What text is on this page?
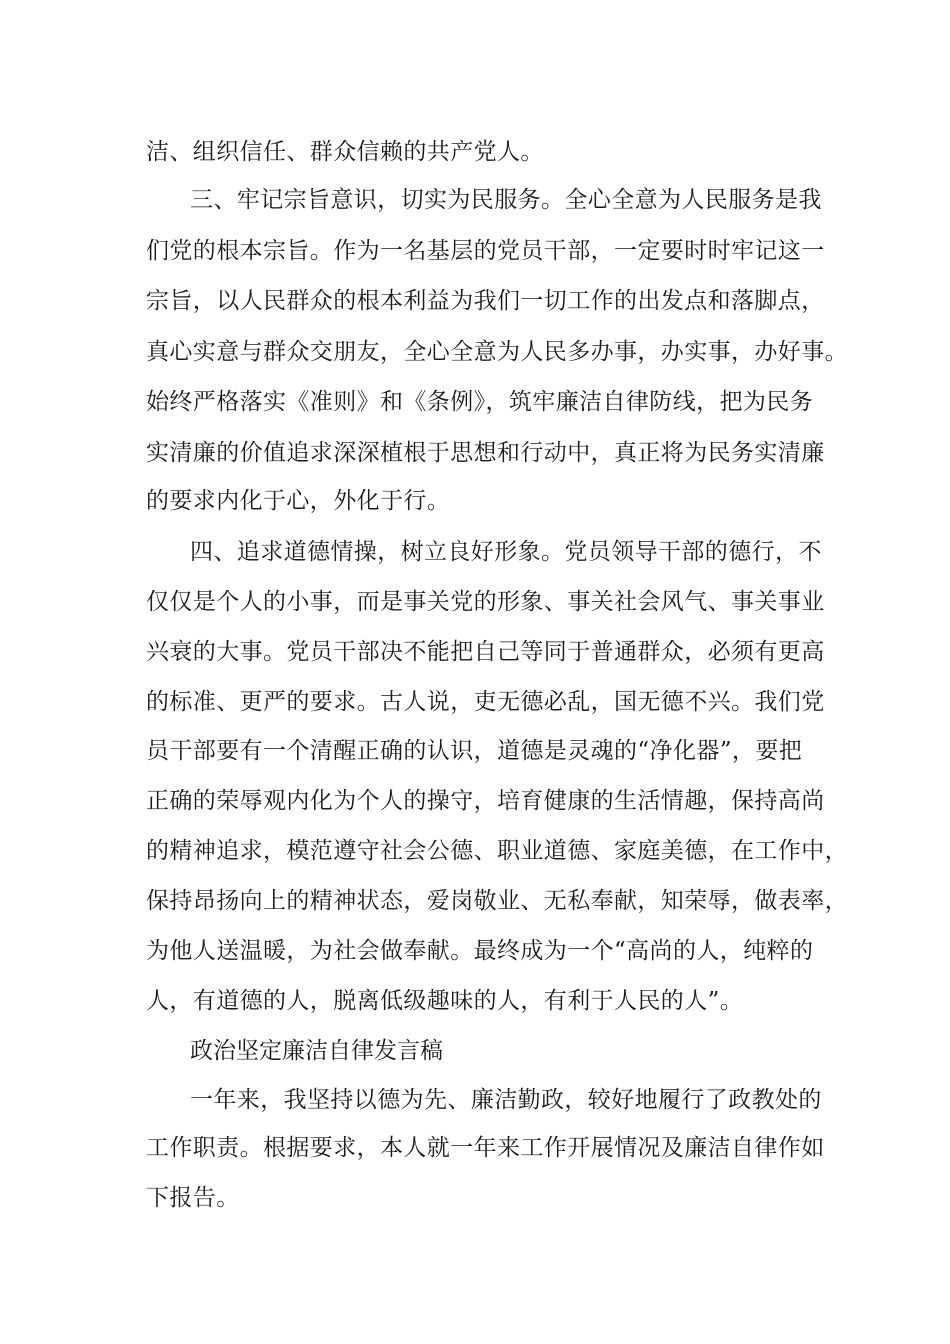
洁、组织信任、群众信赖的共产党人。
三、牢记宗旨意识，切实为民服务。全心全意为人民服务是我
们党的根本宗旨。作为一名基层的党员干部，一定要时时牢记这一
宗旨，以人民群众的根本利益为我们一切工作的出发点和落脚点，
真心实意与群众交朋友，全心全意为人民多办事，办实事，办好事。
始终严格落实《准则》和《条例》，筑牢廉洁自律防线，把为民务
实清廉的价值追求深深植根于思想和行动中，真正将为民务实清廉
的要求内化于心，外化于行。
四、追求道德情操，树立良好形象。党员领导干部的德行，不
仅仅是个人的小事，而是事关党的形象、事关社会风气、事关事业
兴衰的大事。党员干部决不能把自己等同于普通群众，必须有更高
的标准、更严的要求。古人说，吏无德必乱，国无德不兴。我们党
员干部要有一个清醒正确的认识，道德是灵魂的“净化器”，要把
正确的荣辱观内化为个人的操守，培育健康的生活情趣，保持高尚
的精神追求，模范遵守社会公德、职业道德、家庭美德，在工作中，
保持昂扬向上的精神状态，爱岗敬业、无私奉献，知荣辱，做表率，
为他人送温暖，为社会做奉献。最终成为一个“高尚的人，纯粹的
人，有道德的人，脱离低级趣味的人，有利于人民的人”。
政治坚定廉洁自律发言稿
一年来，我坚持以德为先、廉洁勤政，较好地履行了政教处的
工作职责。根据要求，本人就一年来工作开展情况及廉洁自律作如
下报告。
